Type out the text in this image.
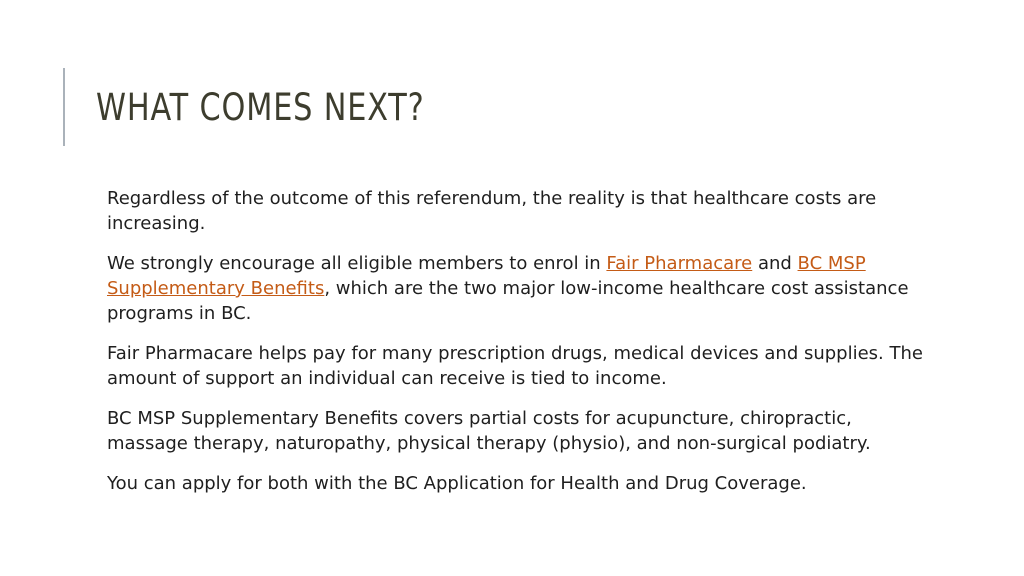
WHAT COMES NEXT?

Regardless of the outcome of this referendum, the reality is that healthcare costs are increasing.

We strongly encourage all eligible members to enrol in Fair Pharmacare and BC MSP Supplementary Benefits, which are the two major low-income healthcare cost assistance programs in BC.

Fair Pharmacare helps pay for many prescription drugs, medical devices and supplies. The amount of support an individual can receive is tied to income.

BC MSP Supplementary Benefits covers partial costs for acupuncture, chiropractic, massage therapy, naturopathy, physical therapy (physio), and non-surgical podiatry.

You can apply for both with the BC Application for Health and Drug Coverage.
